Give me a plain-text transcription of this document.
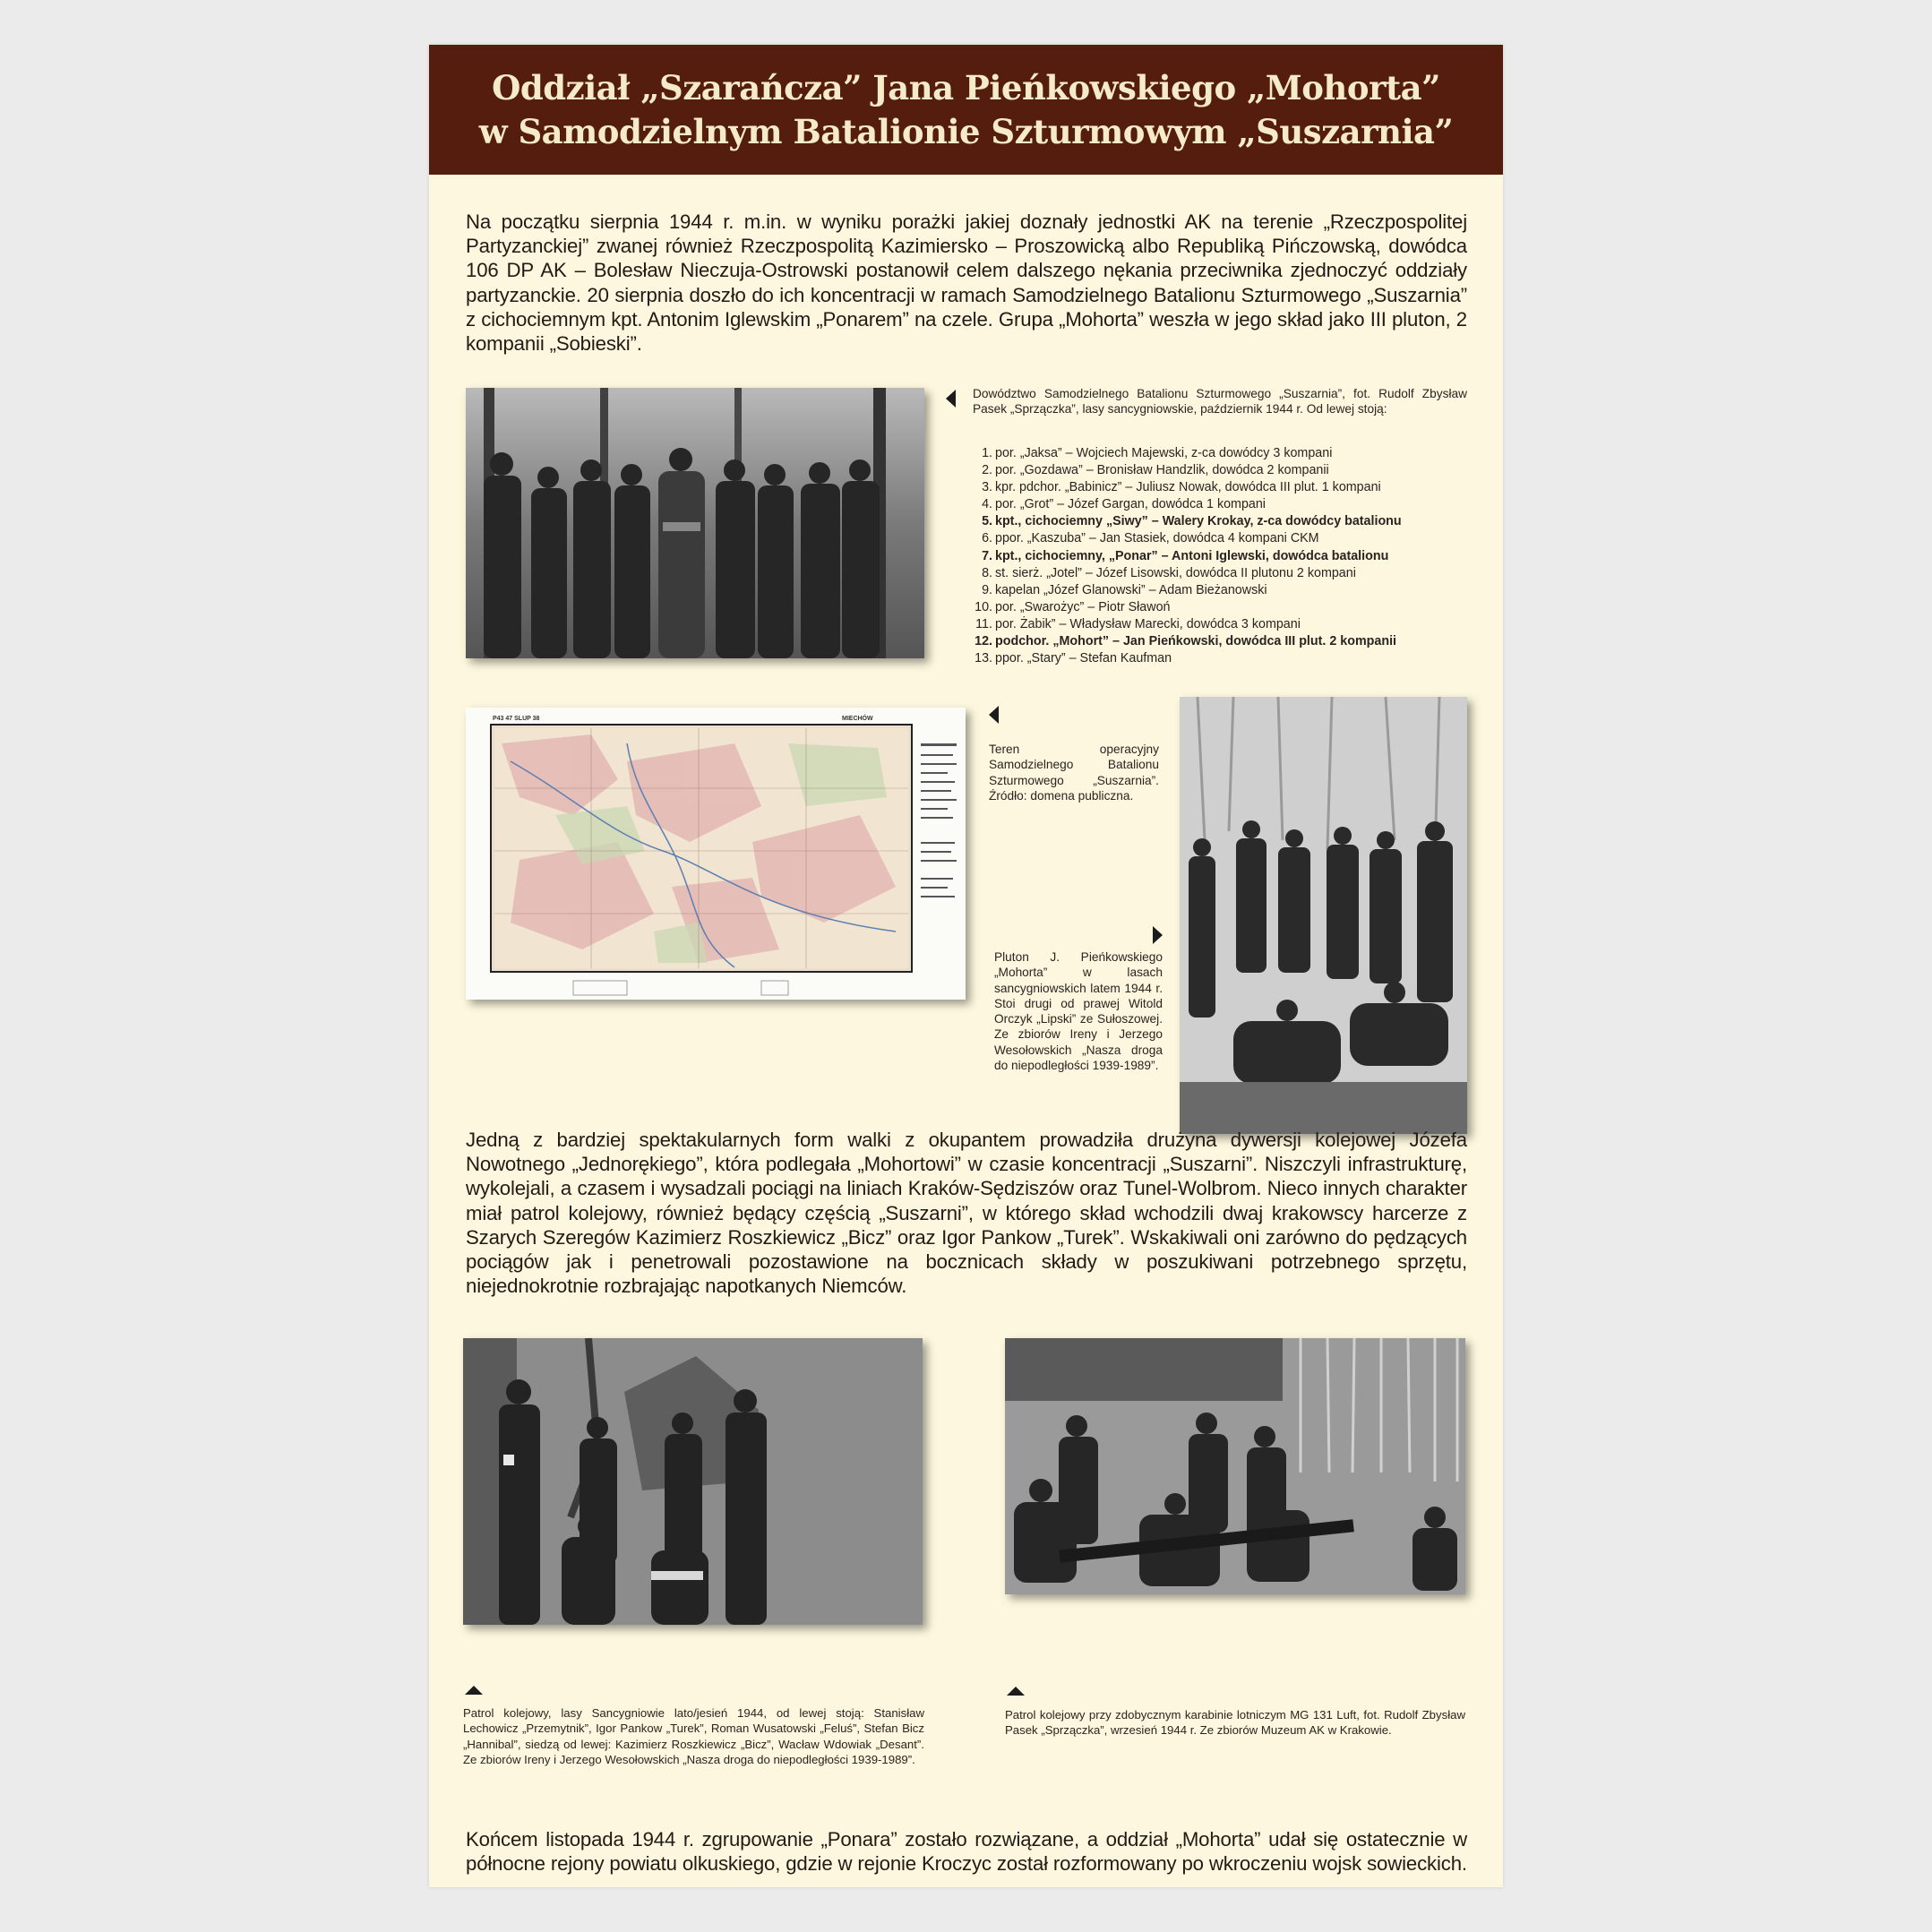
Oddział „Szarańcza” Jana Pieńkowskiego „Mohorta”
w Samodzielnym Batalionie Szturmowym „Suszarnia”

Na początku sierpnia 1944 r. m.in. w wyniku porażki jakiej doznały jednostki AK na terenie „Rzeczpospolitej Partyzanckiej” zwanej również Rzeczpospolitą Kazimiersko – Proszowicką albo Republiką Pińczowską, dowódca 106 DP AK – Bolesław Nieczuja-Ostrowski postanowił celem dalszego nękania przeciwnika zjednoczyć oddziały partyzanckie. 20 sierpnia doszło do ich koncentracji w ramach Samodzielnego Batalionu Szturmowego „Suszarnia” z cichociemnym kpt. Antonim Iglewskim „Ponarem” na czele. Grupa „Mohorta” weszła w jego skład jako III pluton, 2 kompanii „Sobieski”.

Dowództwo Samodzielnego Batalionu Szturmowego „Suszarnia”, fot. Rudolf Zbysław Pasek „Sprzączka”, lasy sancygniowskie, październik 1944 r. Od lewej stoją:

1. por. „Jaksa” – Wojciech Majewski, z-ca dowódcy 3 kompani
2. por. „Gozdawa” – Bronisław Handzlik, dowódca 2 kompanii
3. kpr. pdchor. „Babinicz” – Juliusz Nowak, dowódca III plut. 1 kompani
4. por. „Grot” – Józef Gargan, dowódca 1 kompani
5. kpt., cichociemny „Siwy” – Walery Krokay, z-ca dowódcy batalionu
6. ppor. „Kaszuba” – Jan Stasiek, dowódca 4 kompani CKM
7. kpt., cichociemny, „Ponar” – Antoni Iglewski, dowódca batalionu
8. st. sierż. „Jotel” – Józef Lisowski, dowódca II plutonu 2 kompani
9. kapelan „Józef Glanowski” – Adam Bieżanowski
10. por. „Swarożyc” – Piotr Sławoń
11. por. Żabik” – Władysław Marecki, dowódca 3 kompani
12. podchor. „Mohort” – Jan Pieńkowski, dowódca III plut. 2 kompanii
13. ppor. „Stary” – Stefan Kaufman
P43 47 SLUP 38	MIECHÓW

Teren operacyjny Samodzielnego Batalionu Szturmowego „Suszarnia”. Źródło: domena publiczna.

Pluton J. Pieńkowskiego „Mohorta” w lasach sancygniowskich latem 1944 r. Stoi drugi od prawej Witold Orczyk „Lipski” ze Sułoszowej. Ze zbiorów Ireny i Jerzego Wesołowskich „Nasza droga do niepodległości 1939-1989”.

Jedną z bardziej spektakularnych form walki z okupantem prowadziła drużyna dywersji kolejowej Józefa Nowotnego „Jednorękiego”, która podlegała „Mohortowi” w czasie koncentracji „Suszarni”. Niszczyli infrastrukturę, wykolejali, a czasem i wysadzali pociągi na liniach Kraków-Sędziszów oraz Tunel-Wolbrom. Nieco innych charakter miał patrol kolejowy, również będący częścią „Suszarni”, w którego skład wchodzili dwaj krakowscy harcerze z Szarych Szeregów Kazimierz Roszkiewicz „Bicz” oraz Igor Pankow „Turek”. Wskakiwali oni zarówno do pędzących pociągów jak i penetrowali pozostawione na bocznicach składy w poszukiwani potrzebnego sprzętu, niejednokrotnie rozbrajając napotkanych Niemców.

Patrol kolejowy, lasy Sancygniowie lato/jesień 1944, od lewej stoją: Stanisław Lechowicz „Przemytnik”, Igor Pankow „Turek”, Roman Wusatowski „Feluś”, Stefan Bicz „Hannibal”, siedzą od lewej: Kazimierz Roszkiewicz „Bicz”, Wacław Wdowiak „Desant”. Ze zbiorów Ireny i Jerzego Wesołowskich „Nasza droga do niepodległości 1939-1989”.

Patrol kolejowy przy zdobycznym karabinie lotniczym MG 131 Luft, fot. Rudolf Zbysław Pasek „Sprzączka”, wrzesień 1944 r. Ze zbiorów Muzeum AK w Krakowie.

Końcem listopada 1944 r. zgrupowanie „Ponara” zostało rozwiązane, a oddział „Mohorta” udał się ostatecznie w północne rejony powiatu olkuskiego, gdzie w rejonie Kroczyc został rozformowany po wkroczeniu wojsk sowieckich.
